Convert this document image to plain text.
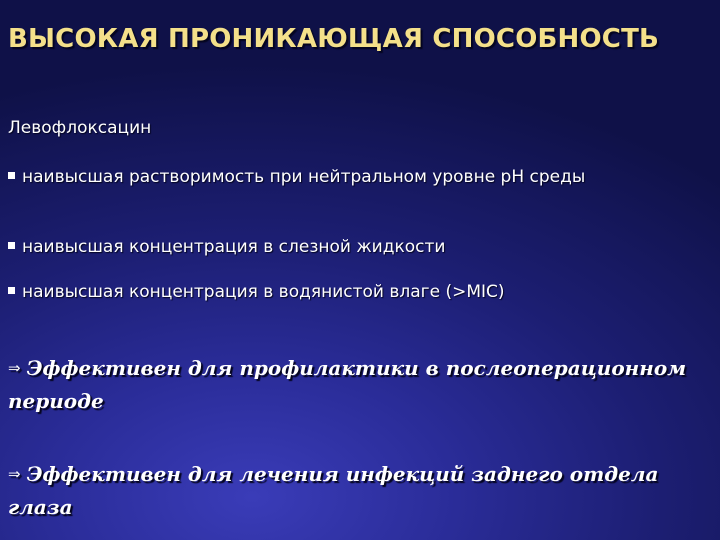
ВЫСОКАЯ ПРОНИКАЮЩАЯ СПОСОБНОСТЬ
Левофлоксацин
наивысшая растворимость при нейтральном уровне pH среды
наивысшая концентрация в слезной жидкости
наивысшая концентрация в водянистой влаге (>MIC)
⇒ Эффективен для профилактики в послеоперационном периоде
⇒ Эффективен для лечения инфекций заднего отдела глаза
